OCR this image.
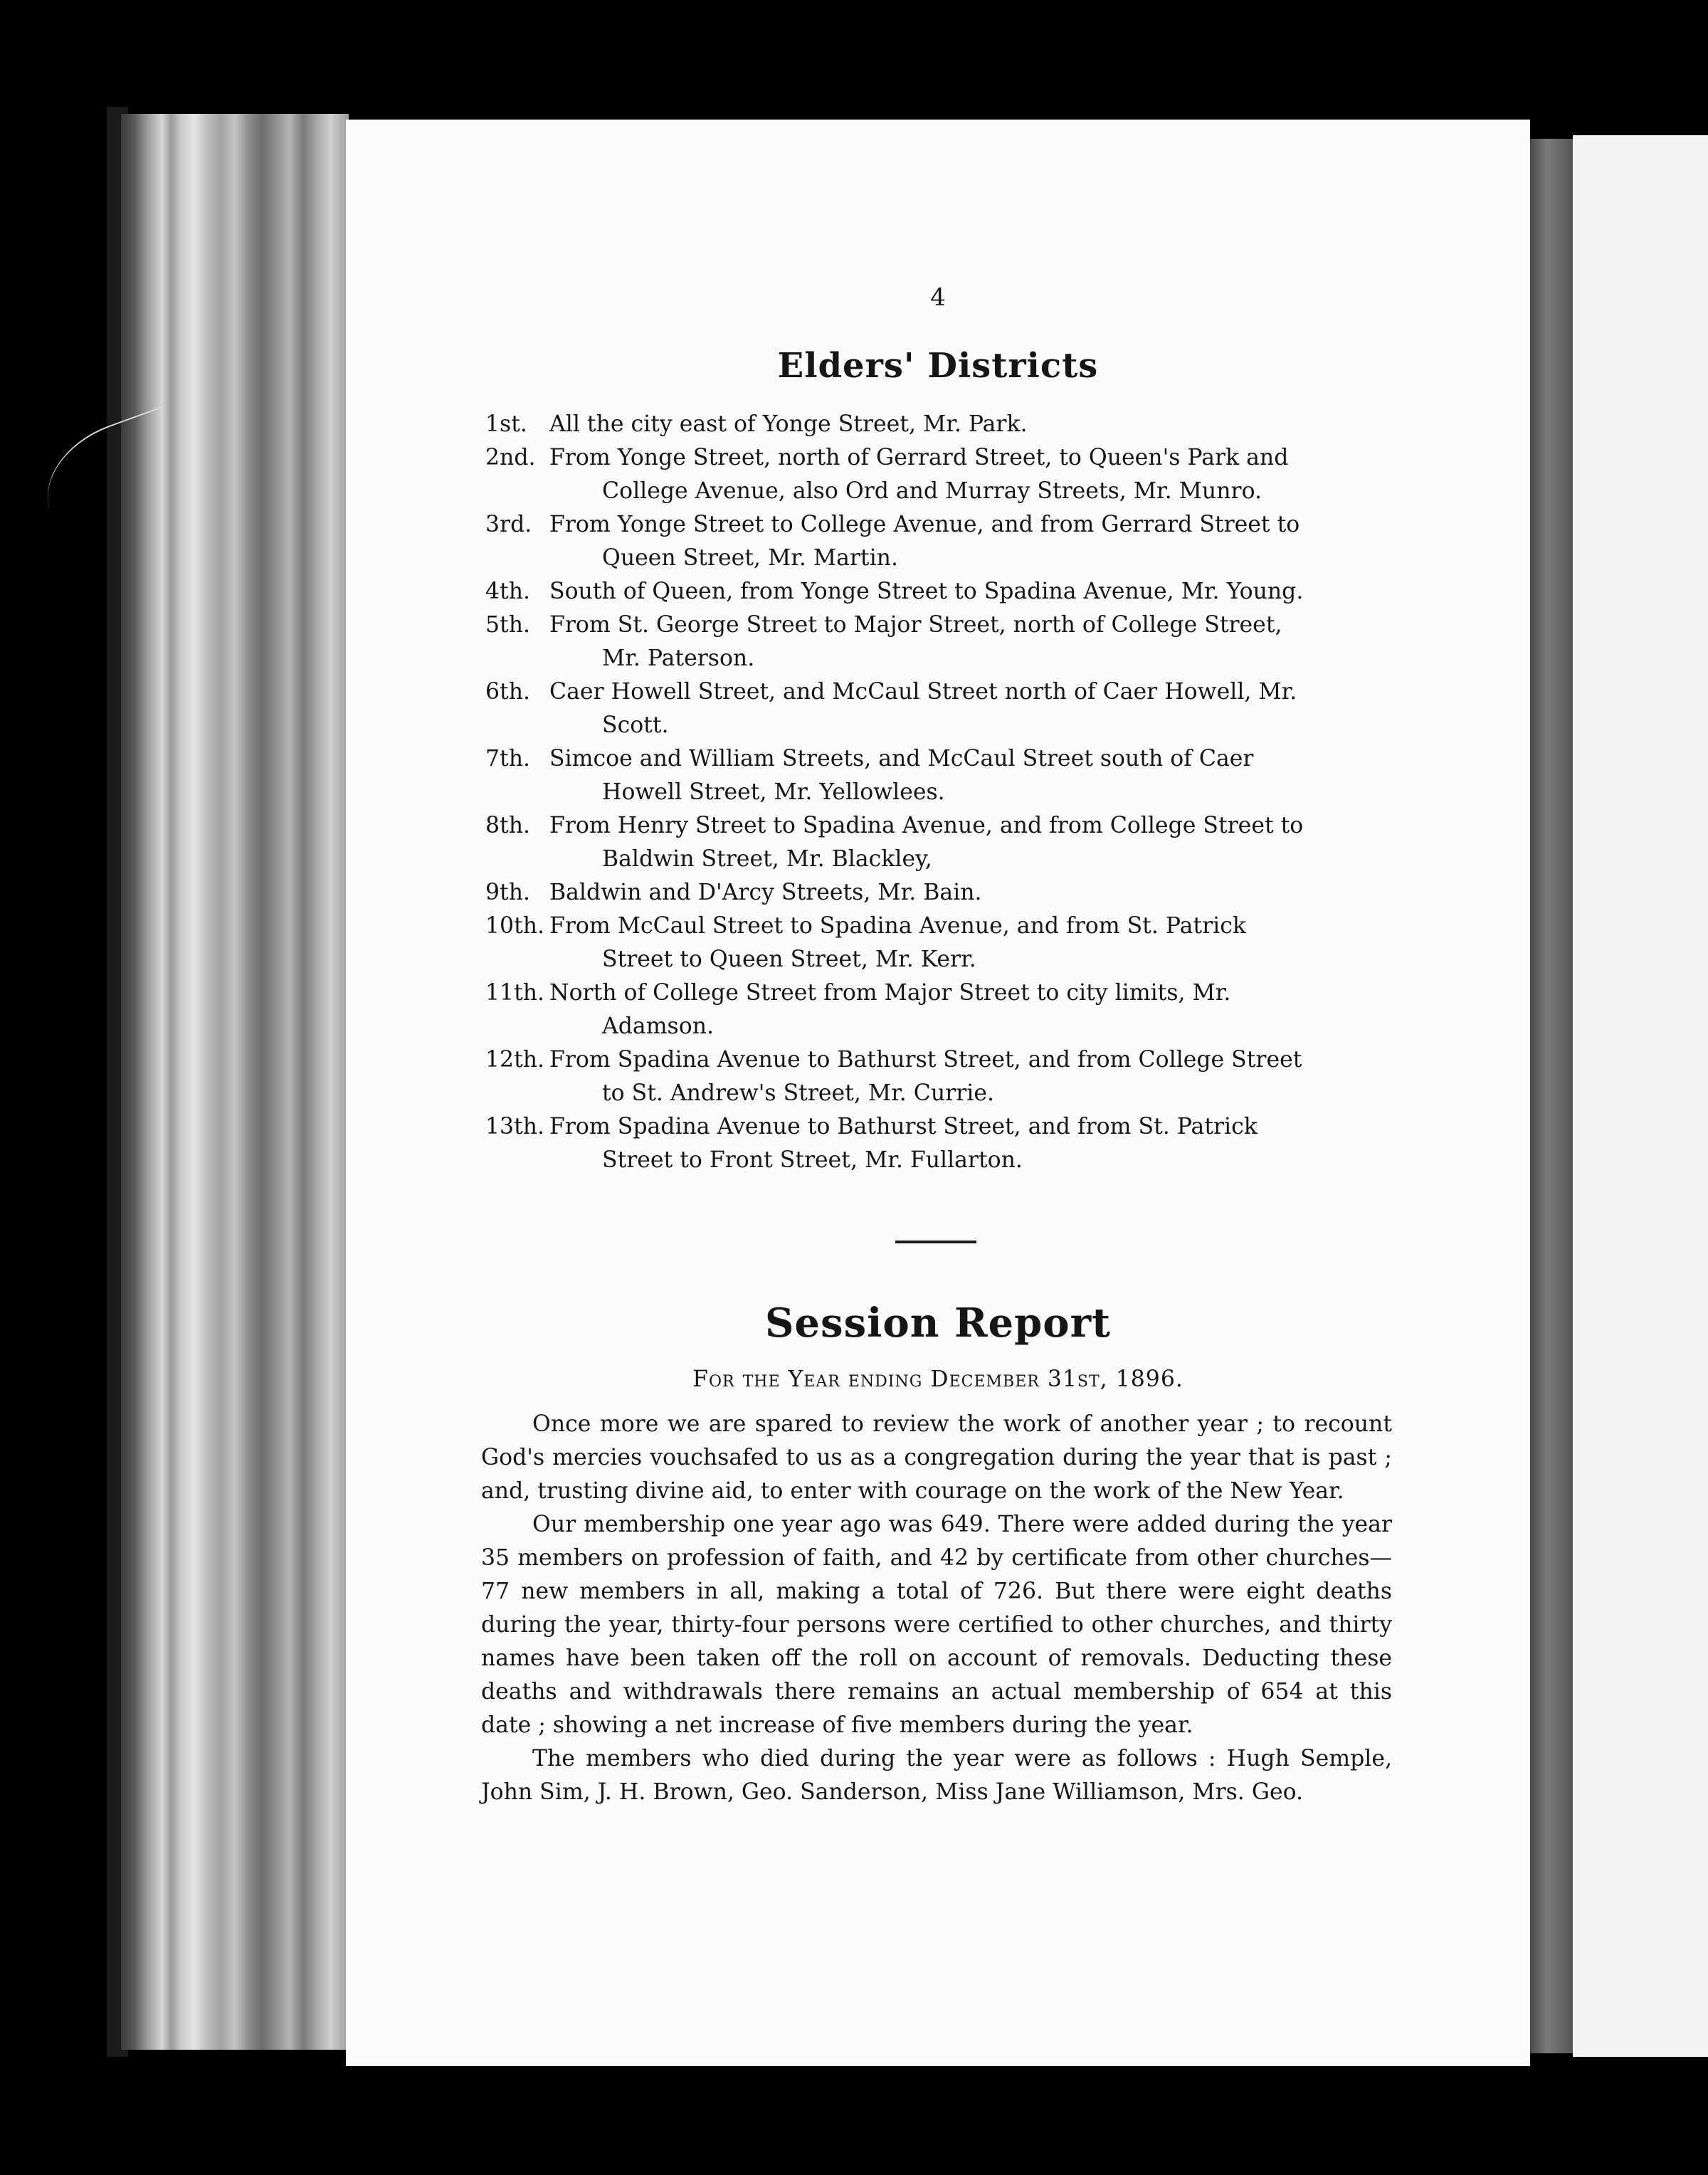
4
Elders' Districts
1st. All the city east of Yonge Street, Mr. Park.
2nd. From Yonge Street, north of Gerrard Street, to Queen's Park and
College Avenue, also Ord and Murray Streets, Mr. Munro.
3rd. From Yonge Street to College Avenue, and from Gerrard Street to
Queen Street, Mr. Martin.
4th. South of Queen, from Yonge Street to Spadina Avenue, Mr. Young.
5th. From St. George Street to Major Street, north of College Street,
Mr. Paterson.
6th. Caer Howell Street, and McCaul Street north of Caer Howell, Mr.
Scott.
7th. Simcoe and William Streets, and McCaul Street south of Caer
Howell Street, Mr. Yellowlees.
8th. From Henry Street to Spadina Avenue, and from College Street to
Baldwin Street, Mr. Blackley,
9th. Baldwin and D'Arcy Streets, Mr. Bain.
10th. From McCaul Street to Spadina Avenue, and from St. Patrick
Street to Queen Street, Mr. Kerr.
11th. North of College Street from Major Street to city limits, Mr.
Adamson.
12th. From Spadina Avenue to Bathurst Street, and from College Street
to St. Andrew's Street, Mr. Currie.
13th. From Spadina Avenue to Bathurst Street, and from St. Patrick
Street to Front Street, Mr. Fullarton.
Session Report
For the Year ending December 31st, 1896.

Once more we are spared to review the work of another year ; to recount God's mercies vouchsafed to us as a congregation during the year that is past ; and, trusting divine aid, to enter with courage on the work of the New Year.

Our membership one year ago was 649. There were added during the year 35 members on profession of faith, and 42 by certificate from other churches—77 new members in all, making a total of 726. But there were eight deaths during the year, thirty-four persons were certified to other churches, and thirty names have been taken off the roll on account of removals. Deducting these deaths and withdrawals there remains an actual membership of 654 at this date ; showing a net increase of five members during the year.

The members who died during the year were as follows : Hugh Semple, John Sim, J. H. Brown, Geo. Sanderson, Miss Jane Williamson, Mrs. Geo.
